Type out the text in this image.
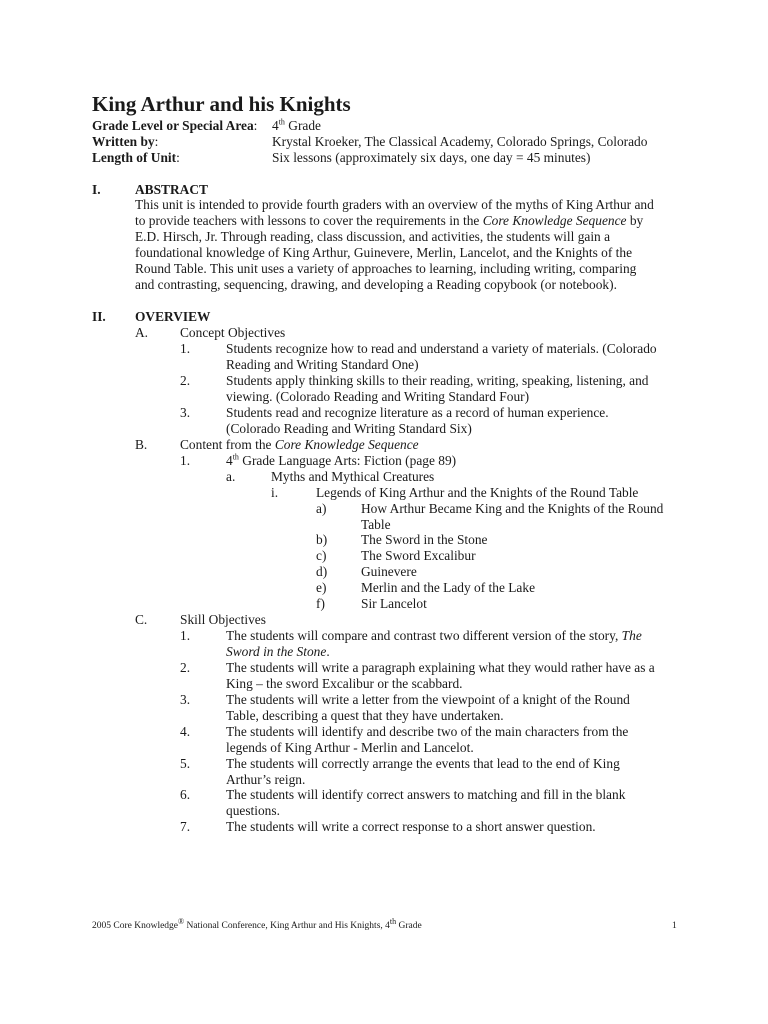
King Arthur and his Knights
Grade Level or Special Area: 4th Grade
Written by:	Krystal Kroeker, The Classical Academy, Colorado Springs, Colorado
Length of Unit:	Six lessons (approximately six days, one day = 45 minutes)
I.	ABSTRACT
This unit is intended to provide fourth graders with an overview of the myths of King Arthur and
to provide teachers with lessons to cover the requirements in the Core Knowledge Sequence by
E.D. Hirsch, Jr. Through reading, class discussion, and activities, the students will gain a
foundational knowledge of King Arthur, Guinevere, Merlin, Lancelot, and the Knights of the
Round Table. This unit uses a variety of approaches to learning, including writing, comparing
and contrasting, sequencing, drawing, and developing a Reading copybook (or notebook).
II. OVERVIEW
A. Concept Objectives
1.	Students recognize how to read and understand a variety of materials. (Colorado
Reading and Writing Standard One)
2.	Students apply thinking skills to their reading, writing, speaking, listening, and
viewing. (Colorado Reading and Writing Standard Four)
3.	Students read and recognize literature as a record of human experience.
(Colorado Reading and Writing Standard Six)
B. Content from the Core Knowledge Sequence
1.	4th Grade Language Arts: Fiction (page 89)
a.	Myths and Mythical Creatures
i.	Legends of King Arthur and the Knights of the Round Table
a)	How Arthur Became King and the Knights of the Round
Table
b)	The Sword in the Stone
c)	The Sword Excalibur
d)	Guinevere
e)	Merlin and the Lady of the Lake
f)	Sir Lancelot
C. Skill Objectives
1.	The students will compare and contrast two different version of the story, The
Sword in the Stone.
2.	The students will write a paragraph explaining what they would rather have as a
King – the sword Excalibur or the scabbard.
3.	The students will write a letter from the viewpoint of a knight of the Round
Table, describing a quest that they have undertaken.
4.	The students will identify and describe two of the main characters from the
legends of King Arthur - Merlin and Lancelot.
5.	The students will correctly arrange the events that lead to the end of King
Arthur’s reign.
6.	The students will identify correct answers to matching and fill in the blank
questions.
7.	The students will write a correct response to a short answer question.
2005 Core Knowledge® National Conference, King Arthur and His Knights, 4th Grade	1
